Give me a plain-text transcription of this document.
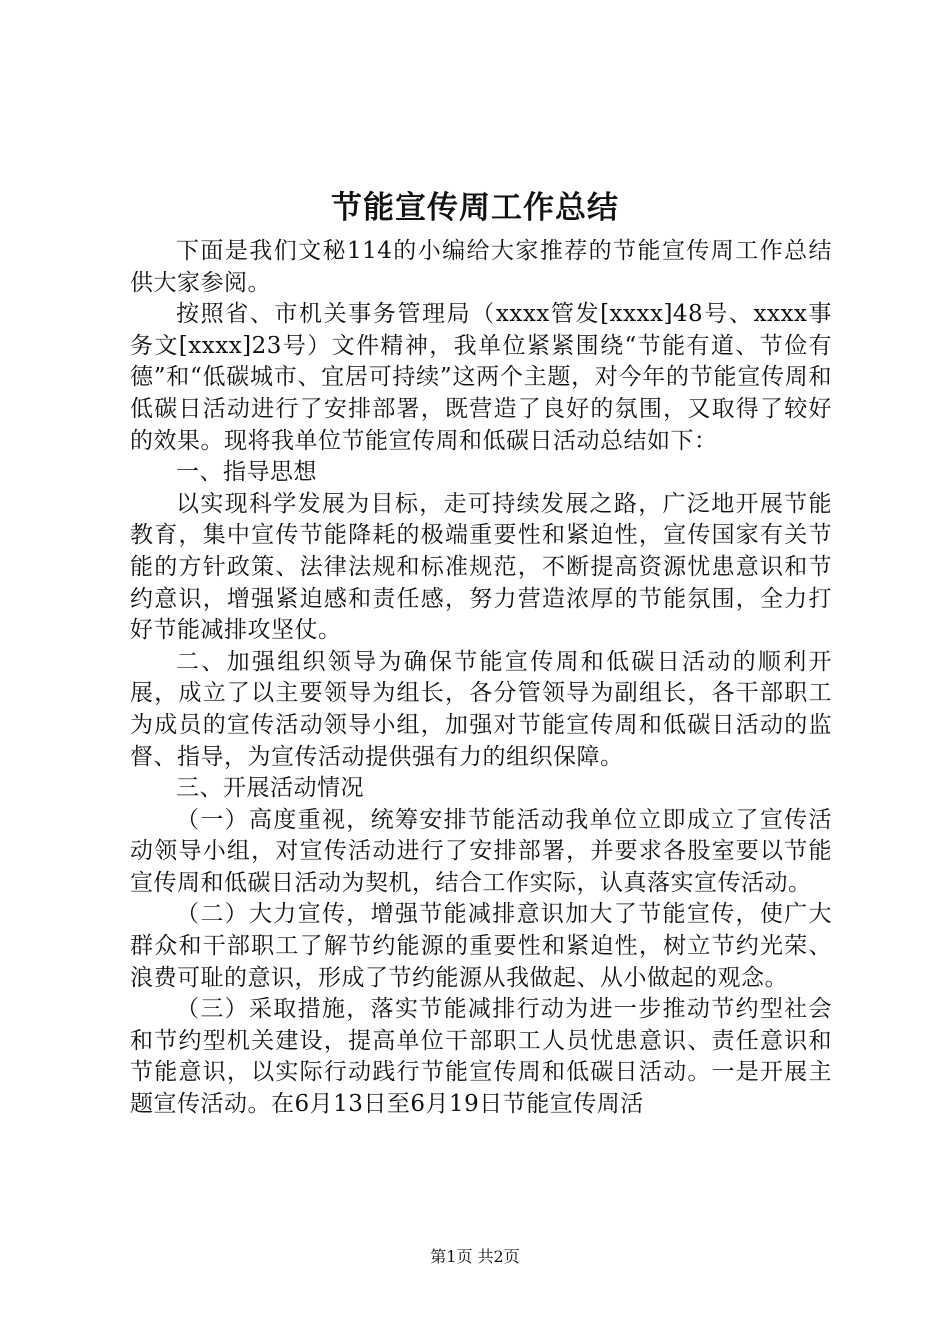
节能宣传周工作总结

下面是我们文秘114的小编给大家推荐的节能宣传周工作总结供大家参阅。

按照省、市机关事务管理局（xxxx管发[xxxx]48号、xxxx事务文[xxxx]23号）文件精神，我单位紧紧围绕“节能有道、节俭有德”和“低碳城市、宜居可持续”这两个主题，对今年的节能宣传周和低碳日活动进行了安排部署，既营造了良好的氛围，又取得了较好的效果。现将我单位节能宣传周和低碳日活动总结如下：

一、指导思想

以实现科学发展为目标，走可持续发展之路，广泛地开展节能教育，集中宣传节能降耗的极端重要性和紧迫性，宣传国家有关节能的方针政策、法律法规和标准规范，不断提高资源忧患意识和节约意识，增强紧迫感和责任感，努力营造浓厚的节能氛围，全力打好节能减排攻坚仗。

二、加强组织领导为确保节能宣传周和低碳日活动的顺利开展，成立了以主要领导为组长，各分管领导为副组长，各干部职工为成员的宣传活动领导小组，加强对节能宣传周和低碳日活动的监督、指导，为宣传活动提供强有力的组织保障。

三、开展活动情况

（一）高度重视，统筹安排节能活动我单位立即成立了宣传活动领导小组，对宣传活动进行了安排部署，并要求各股室要以节能宣传周和低碳日活动为契机，结合工作实际，认真落实宣传活动。

（二）大力宣传，增强节能减排意识加大了节能宣传，使广大群众和干部职工了解节约能源的重要性和紧迫性，树立节约光荣、浪费可耻的意识，形成了节约能源从我做起、从小做起的观念。

（三）采取措施，落实节能减排行动为进一步推动节约型社会和节约型机关建设，提高单位干部职工人员忧患意识、责任意识和节能意识，以实际行动践行节能宣传周和低碳日活动。一是开展主题宣传活动。在6月13日至6月19日节能宣传周活

第1页 共2页
